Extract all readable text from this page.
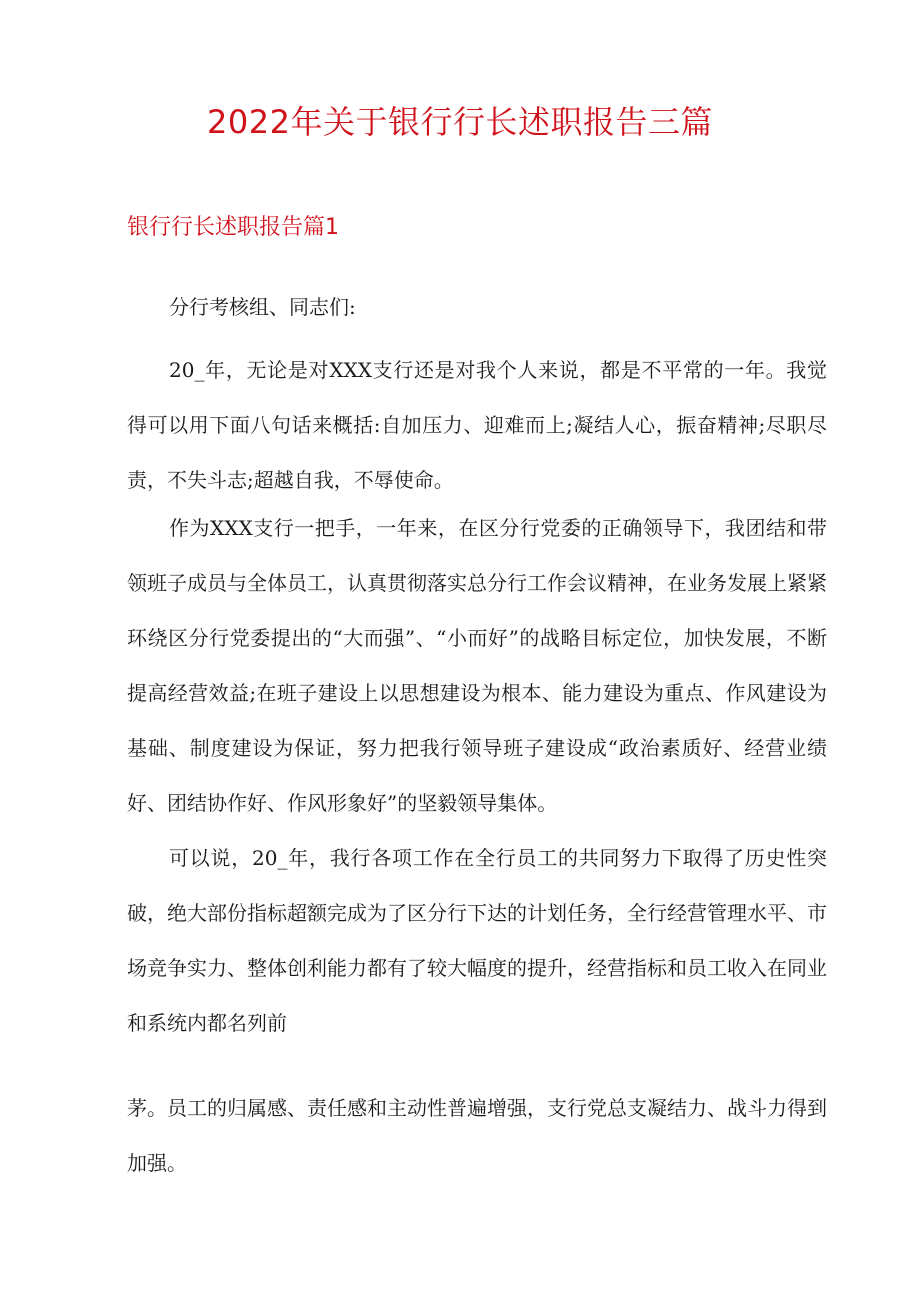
2022年关于银行行长述职报告三篇
银行行长述职报告篇1

分行考核组、同志们:

20_年，无论是对XXX支行还是对我个人来说，都是不平常的一年。我觉得可以用下面八句话来概括:自加压力、迎难而上;凝结人心，振奋精神;尽职尽责，不失斗志;超越自我，不辱使命。

作为XXX支行一把手，一年来，在区分行党委的正确领导下，我团结和带领班子成员与全体员工，认真贯彻落实总分行工作会议精神，在业务发展上紧紧环绕区分行党委提出的“大而强”、“小而好”的战略目标定位，加快发展，不断提高经营效益;在班子建设上以思想建设为根本、能力建设为重点、作风建设为基础、制度建设为保证，努力把我行领导班子建设成“政治素质好、经营业绩好、团结协作好、作风形象好”的坚毅领导集体。

可以说，20_年，我行各项工作在全行员工的共同努力下取得了历史性突破，绝大部份指标超额完成为了区分行下达的计划任务，全行经营管理水平、市场竞争实力、整体创利能力都有了较大幅度的提升，经营指标和员工收入在同业和系统内都名列前

茅。员工的归属感、责任感和主动性普遍增强，支行党总支凝结力、战斗力得到加强。
